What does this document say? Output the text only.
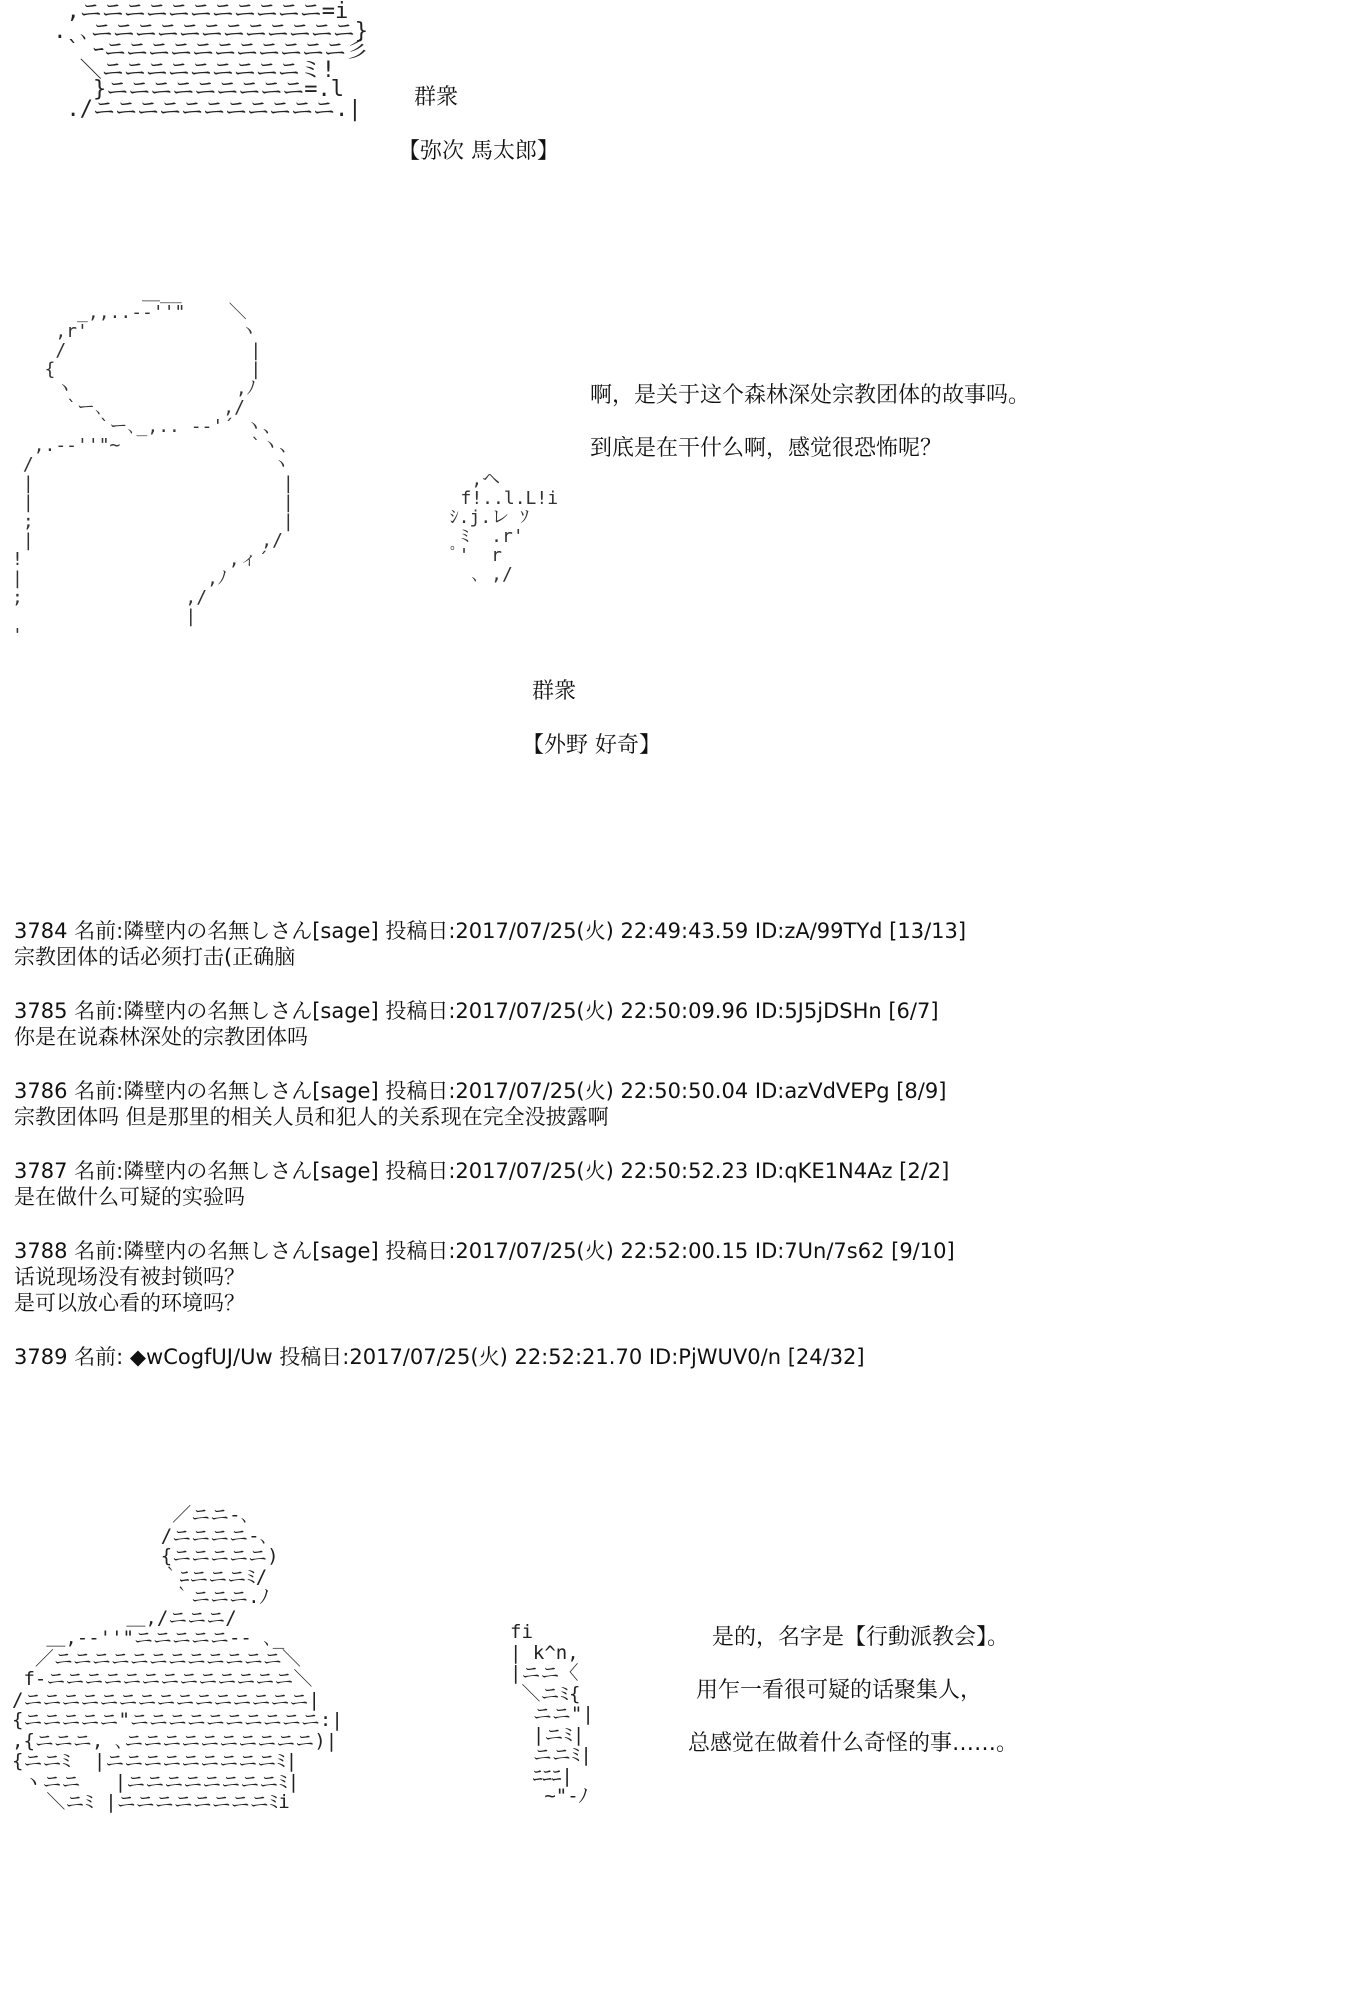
,ニニニニニニニニニニニ=i
. ､ニニニニニニニニニニニニ}
` ｰニニニニニニニニニニニ彡
＼ニニニニニニニニニミ!
}ニニニニニニニニニ=.l
./ニニニニニニニニニニニ.| 群衆
【弥次 馬太郎】
＿__
_,,..-‐''"    ＼
,r'              ヽ
/                 |
{                  |
ヽ               ,ﾉ
`ー､           ,/
`ー､_,.. -‐'´ ヽ、
,.-‐''"~            `ヽ、
/                      ヽ
|                       |
|                       |
;                       |
|                     ,/
!                   ,ィ´
|                 ,ﾉ
;               ,/
|
'
,ヘ
f!..l.L!i
ｼ.j.レ ｿ
ﾐ  .r'
ﾟ'  r
､ ,/
啊，是关于这个森林深处宗教团体的故事吗。
到底是在干什么啊，感觉很恐怖呢？
群衆
【外野 好奇】
3784 名前:隣壁内の名無しさん[sage] 投稿日:2017/07/25(火) 22:49:43.59 ID:zA/99TYd [13/13]
宗教团体的话必须打击(正确脑
3785 名前:隣壁内の名無しさん[sage] 投稿日:2017/07/25(火) 22:50:09.96 ID:5J5jDSHn [6/7]
你是在说森林深处的宗教团体吗
3786 名前:隣壁内の名無しさん[sage] 投稿日:2017/07/25(火) 22:50:50.04 ID:azVdVEPg [8/9]
宗教团体吗 但是那里的相关人员和犯人的关系现在完全没披露啊
3787 名前:隣壁内の名無しさん[sage] 投稿日:2017/07/25(火) 22:50:52.23 ID:qKE1N4Az [2/2]
是在做什么可疑的实验吗
3788 名前:隣壁内の名無しさん[sage] 投稿日:2017/07/25(火) 22:52:00.15 ID:7Un/7s62 [9/10]
话说现场没有被封锁吗？
是可以放心看的环境吗？
3789 名前: ◆wCogfUJ/Uw 投稿日:2017/07/25(火) 22:52:21.70 ID:PjWUV0/n [24/32]
／ニニ-､
/ニニニニ-､
{ニニニニニ)
｀ﾆニニニﾐ/
｀ニニニ.ﾉ
＿,/ニニニ/
＿,-‐''"ニニニニニ-- ､_
／ニニニニニニニニニニニニ＼
f-ニニニニニニニニニニニニニ＼
/ニニニニニニニニニニニニニニニ|
{ニニニニニ"ニニニニニニニニニニ:|
,{ニニニ, ､ニニニニニニニニニニ)|
{ニニﾐ  |ニニニニニニニニニﾐ|
ヽニニ   |ニニニニニニニニﾐ|
＼ニﾐ |ニニニニニニニニﾐi
fi
| k^n,
|ニニ〈
＼ニﾐ{
ニニ"|
|ニﾐ|
ニニﾐ|
ﾆﾆﾆ|
~"-ﾉ
是的，名字是【行動派教会】。
用乍一看很可疑的话聚集人，
总感觉在做着什么奇怪的事……。
